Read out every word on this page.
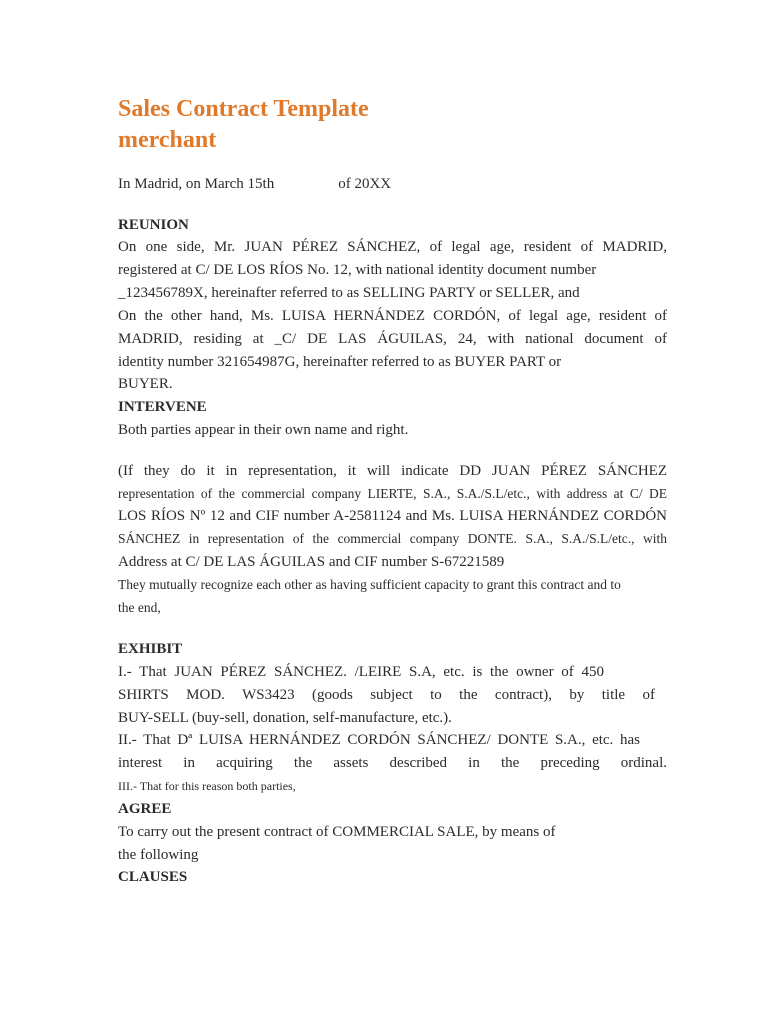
Sales Contract Template
merchant
In Madrid, on March 15th	of 20XX
REUNION
On one side, Mr. JUAN PÉREZ SÁNCHEZ, of legal age, resident of MADRID,
registered at C/ DE LOS RÍOS No. 12, with national identity document number
_123456789X, hereinafter referred to as SELLING PARTY or SELLER, and
On the other hand, Ms. LUISA HERNÁNDEZ CORDÓN, of legal age, resident of
MADRID, residing at _C/ DE LAS ÁGUILAS, 24, with national document of
identity number 321654987G, hereinafter referred to as BUYER PART or
BUYER.
INTERVENE
Both parties appear in their own name and right.
(If they do it in representation, it will indicate DD JUAN PÉREZ SÁNCHEZ
representation of the commercial company LIERTE, S.A., S.A./S.L/etc., with address at C/ DE
LOS RÍOS Nº 12 and CIF number A-2581124 and Ms. LUISA HERNÁNDEZ CORDÓN
SÁNCHEZ in representation of the commercial company DONTE. S.A., S.A./S.L/etc., with
Address at C/ DE LAS ÁGUILAS and CIF number S-67221589
They mutually recognize each other as having sufficient capacity to grant this contract and to
the end,
EXHIBIT
I.- That JUAN PÉREZ SÁNCHEZ. /LEIRE S.A, etc. is the owner of 450
SHIRTS MOD. WS3423 (goods subject to the contract), by title of
BUY-SELL (buy-sell, donation, self-manufacture, etc.).
II.- That Dª LUISA HERNÁNDEZ CORDÓN SÁNCHEZ/ DONTE S.A., etc. has
interest in acquiring the assets described in the preceding ordinal.
III.- That for this reason both parties,
AGREE
To carry out the present contract of COMMERCIAL SALE, by means of
the following
CLAUSES
